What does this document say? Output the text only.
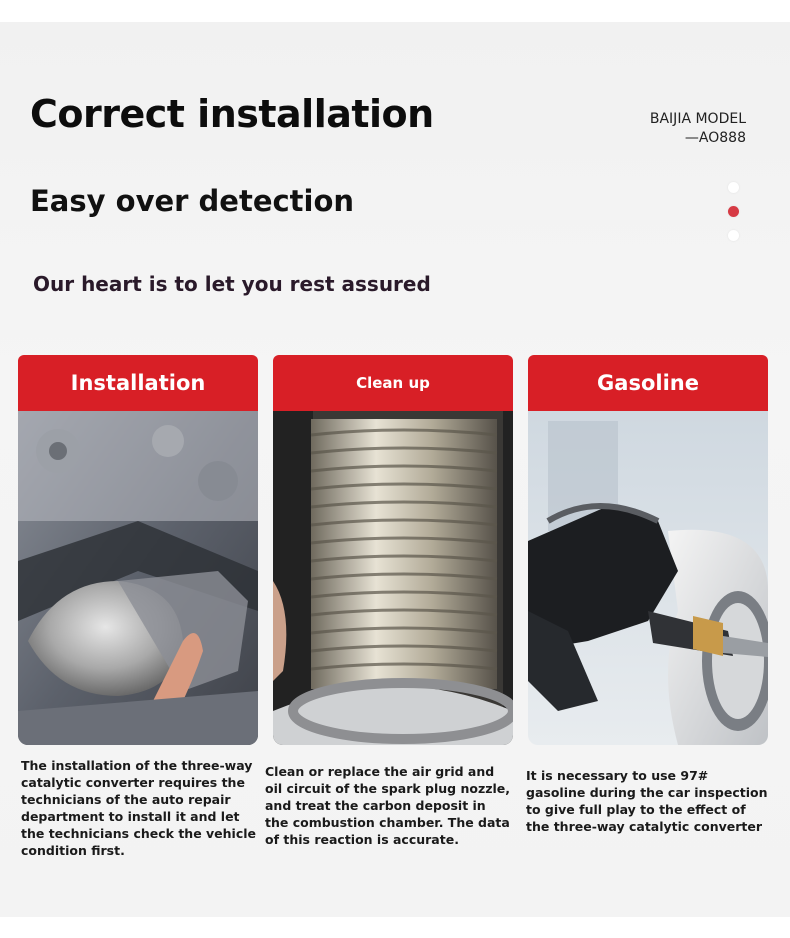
Correct installation	BAIJIA MODEL
—AO888
Easy over detection

Our heart is to let you rest assured

Installation	Clean up	Gasoline

The installation of the three-way catalytic converter requires the technicians of the auto repair department to install it and let the technicians check the vehicle condition first.

Clean or replace the air grid and oil circuit of the spark plug nozzle, and treat the carbon deposit in the combustion chamber. The data of this reaction is accurate.

It is necessary to use 97# gasoline during the car inspection to give full play to the effect of the three-way catalytic converter
